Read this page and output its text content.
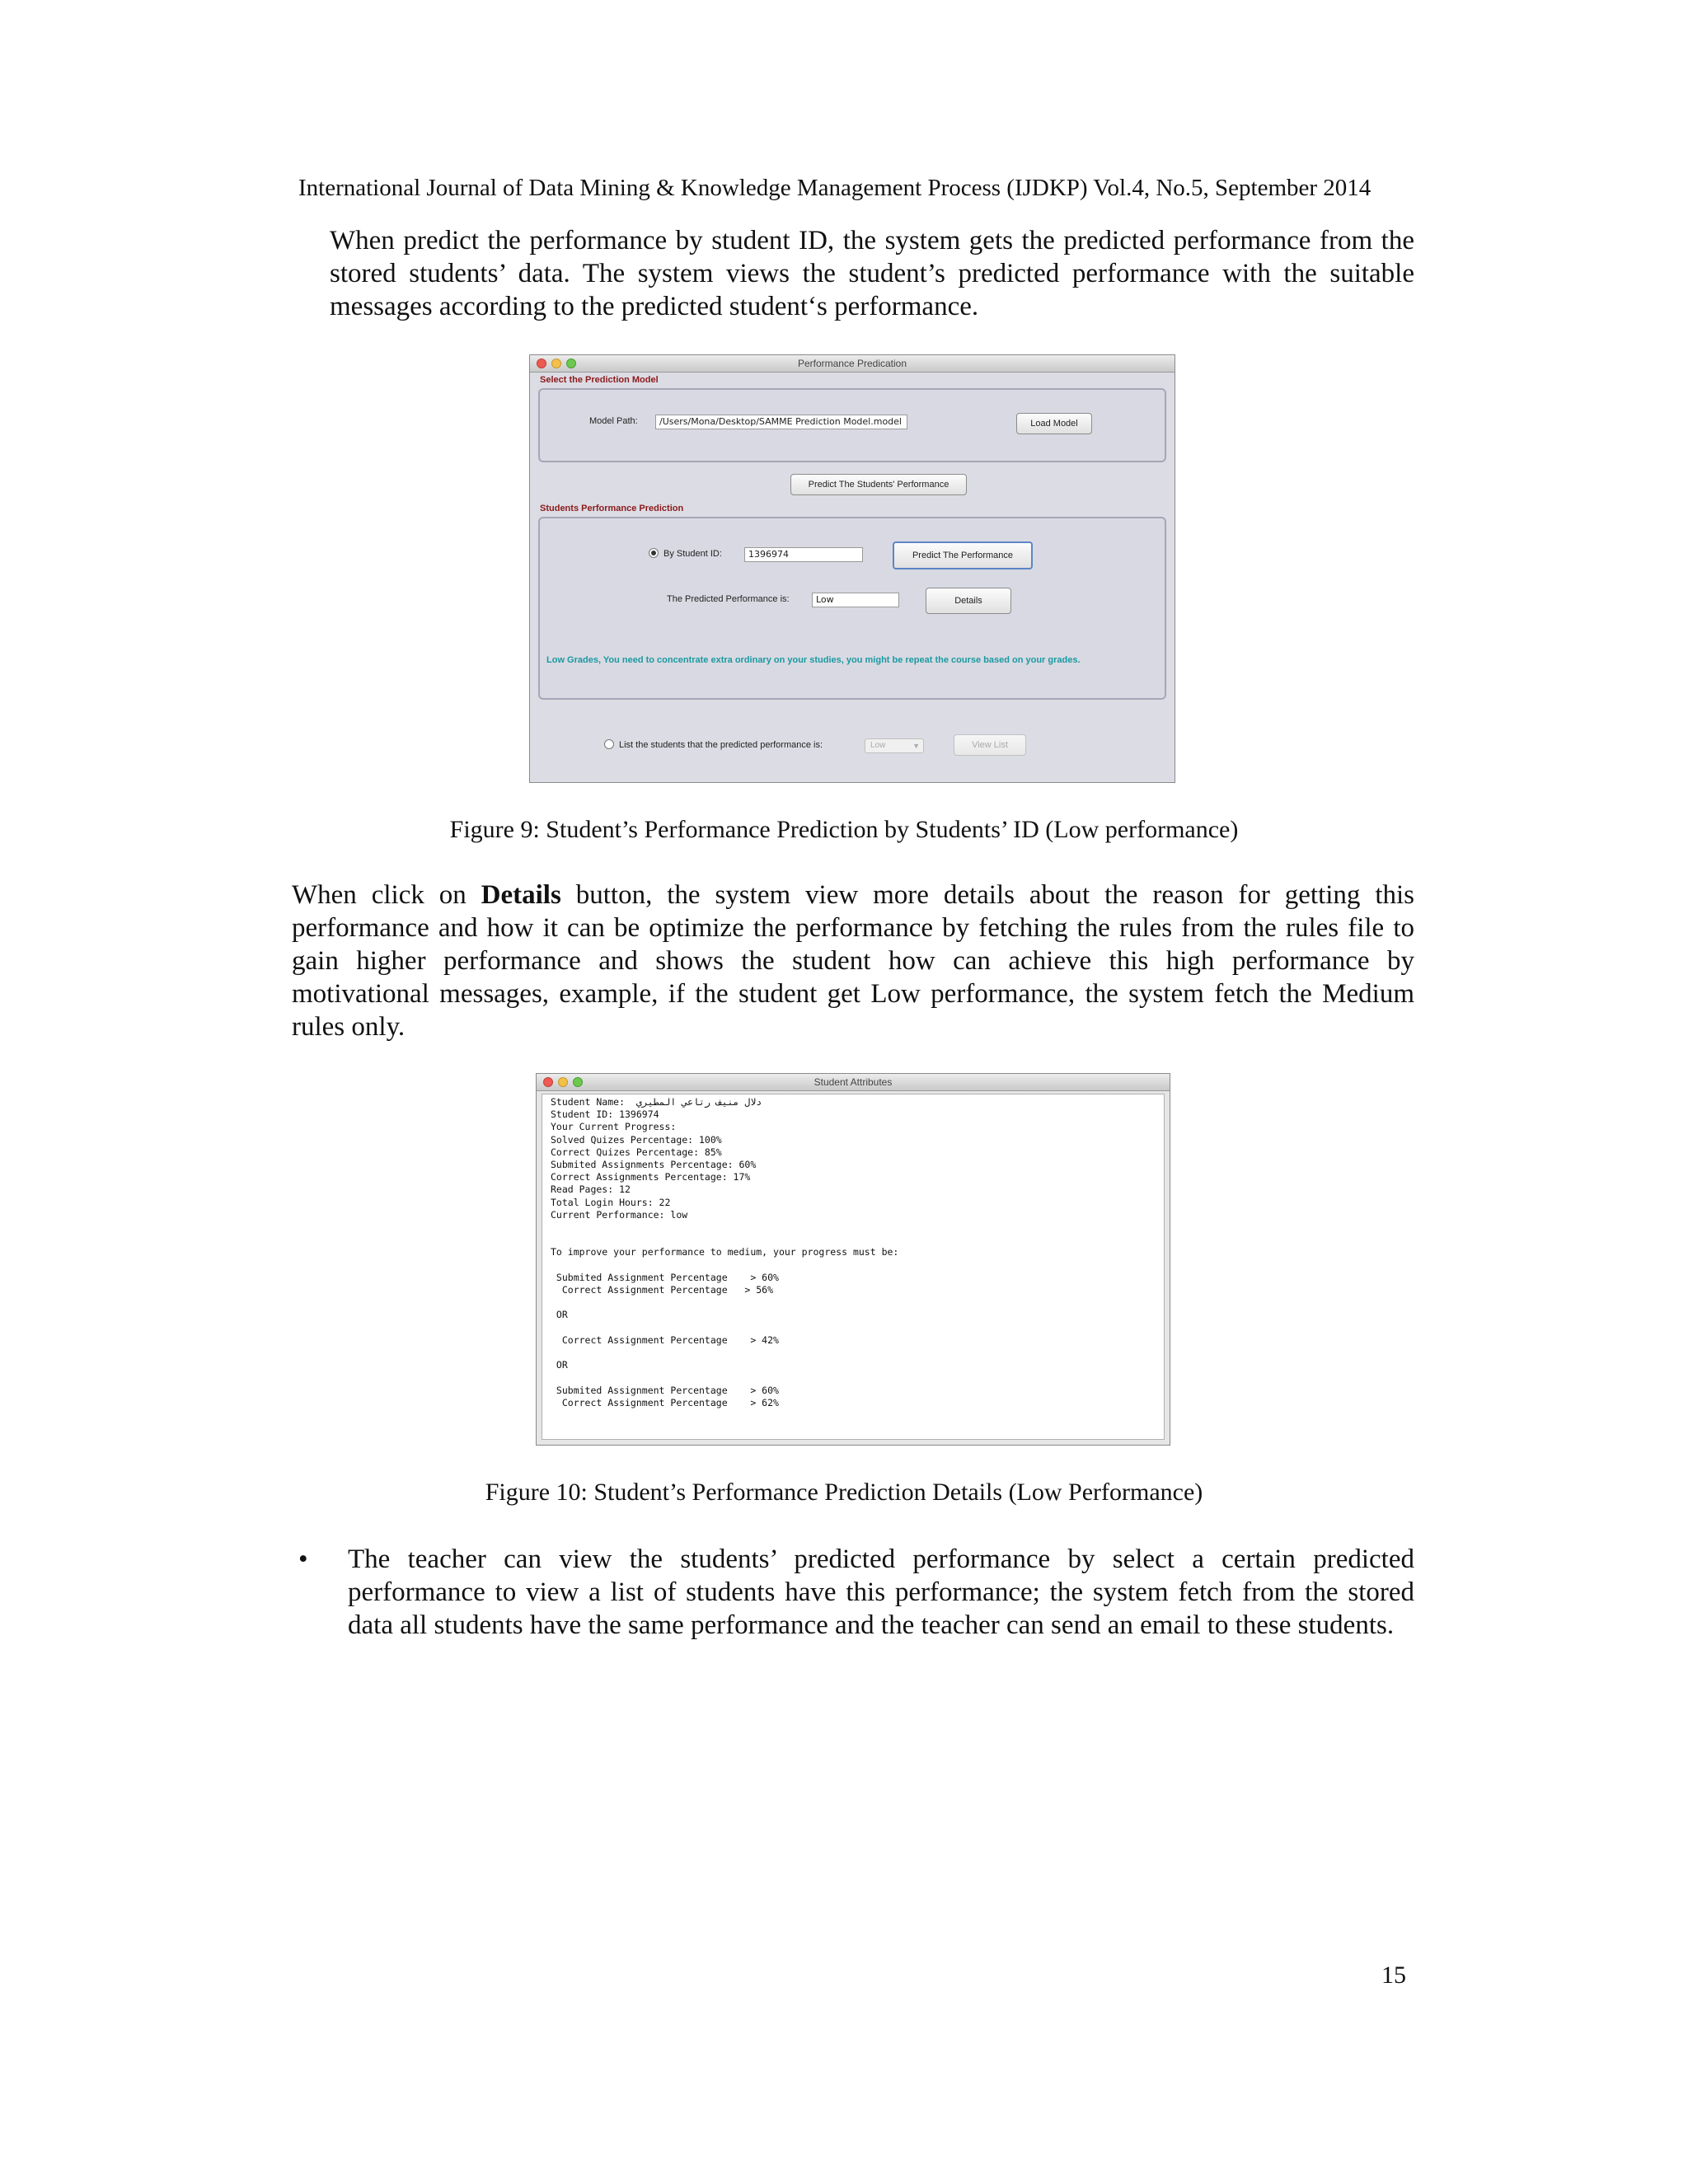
International Journal of Data Mining & Knowledge Management Process (IJDKP) Vol.4, No.5, September 2014
When predict the performance by student ID, the system gets the predicted performance from the stored students’ data. The system views the student’s predicted performance with the suitable messages according to the predicted student‘s performance.
Performance Predication
Select the Prediction Model
Model Path:	/Users/Mona/Desktop/SAMME Prediction Model.model	Load Model
Predict The Students' Performance
Students Performance Prediction
By Student ID:	1396974	Predict The Performance
The Predicted Performance is:	Low	Details
Low Grades, You need to concentrate extra ordinary on your studies, you might be repeat the course based on your grades.
List the students that the predicted performance is:	Low	▼	View List
Figure 9: Student’s Performance Prediction by Students’ ID (Low performance)
When click on Details button, the system view more details about the reason for getting this performance and how it can be optimize the performance by fetching the rules from the rules file to gain higher performance and shows the student how can achieve this high performance by motivational messages, example, if the student get Low performance, the system fetch the Medium rules only.
Student Attributes
Student Name:  دلال منيف رتاعي المطيري
Student ID: 1396974
Your Current Progress:
Solved Quizes Percentage: 100%
Correct Quizes Percentage: 85%
Submited Assignments Percentage: 60%
Correct Assignments Percentage: 17%
Read Pages: 12
Total Login Hours: 22
Current Performance: low
To improve your performance to medium, your progress must be:
Submited Assignment Percentage    > 60%
Correct Assignment Percentage   > 56%
OR
Correct Assignment Percentage    > 42%
OR
Submited Assignment Percentage    > 60%
Correct Assignment Percentage    > 62%
Figure 10: Student’s Performance Prediction Details (Low Performance)
• The teacher can view the students’ predicted performance by select a certain predicted performance to view a list of students have this performance; the system fetch from the stored data all students have the same performance and the teacher can send an email to these students.
15
